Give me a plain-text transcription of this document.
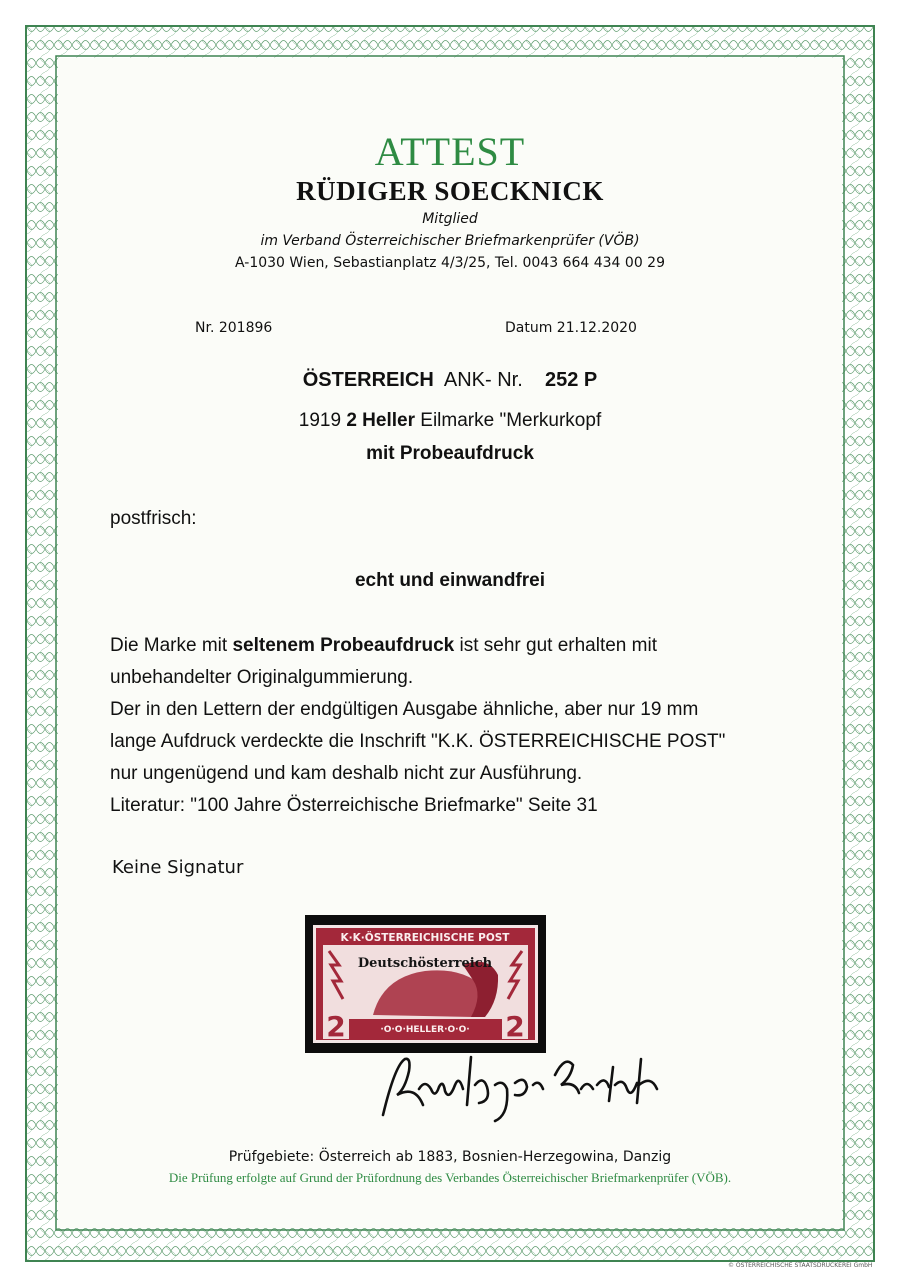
ATTEST
RÜDIGER SOECKNICK
Mitglied
im Verband Österreichischer Briefmarkenprüfer (VÖB)
A-1030 Wien, Sebastianplatz 4/3/25, Tel. 0043 664 434 00 29
Nr. 201896	Datum 21.12.2020
ÖSTERREICH ANK- Nr. 252 P
1919 2 Heller Eilmarke "Merkurkopf
mit Probeaufdruck
postfrisch:
echt und einwandfrei

Die Marke mit seltenem Probeaufdruck ist sehr gut erhalten mit

unbehandelter Originalgummierung.

Der in den Lettern der endgültigen Ausgabe ähnliche, aber nur 19 mm

lange Aufdruck verdeckte die Inschrift "K.K. ÖSTERREICHISCHE POST"

nur ungenügend und kam deshalb nicht zur Ausführung.

Literatur: "100 Jahre Österreichische Briefmarke" Seite 31

Keine Signatur
K·K·ÖSTERREICHISCHE POST
Deutschösterreich
·O·O·HELLER·O·O·
2	2
Prüfgebiete: Österreich ab 1883, Bosnien-Herzegowina, Danzig
Die Prüfung erfolgte auf Grund der Prüfordnung des Verbandes Österreichischer Briefmarkenprüfer (VÖB).
© ÖSTERREICHISCHE STAATSDRUCKEREI GmbH
